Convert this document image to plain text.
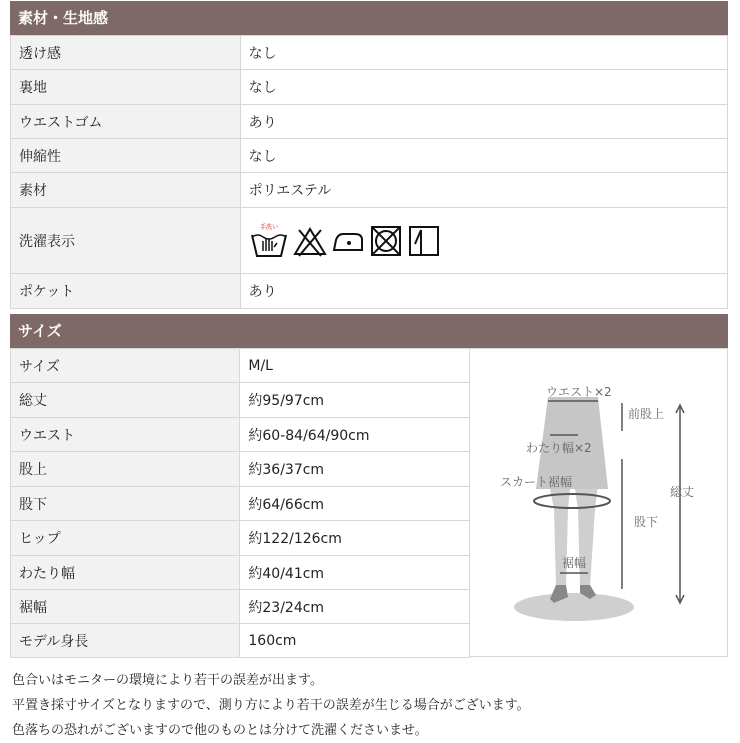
素材・生地感
透け感	なし
裏地	なし
ウエストゴム	あり
伸縮性	なし
素材	ポリエステル
洗濯表示	手洗い

ポケット	あり
サイズ
サイズ	M/L
総丈	約95/97cm
ウエスト	約60-84/64/90cm
股上	約36/37cm
股下	約64/66cm
ヒップ	約122/126cm
わたり幅	約40/41cm
裾幅	約23/24cm
モデル身長	160cm
ウエスト×2
前股上
わたり幅×2
スカート裾幅
総丈
股下
裾幅
色合いはモニターの環境により若干の誤差が出ます。
平置き採寸サイズとなりますので、測り方により若干の誤差が生じる場合がございます。
色落ちの恐れがございますので他のものとは分けて洗濯くださいませ。
